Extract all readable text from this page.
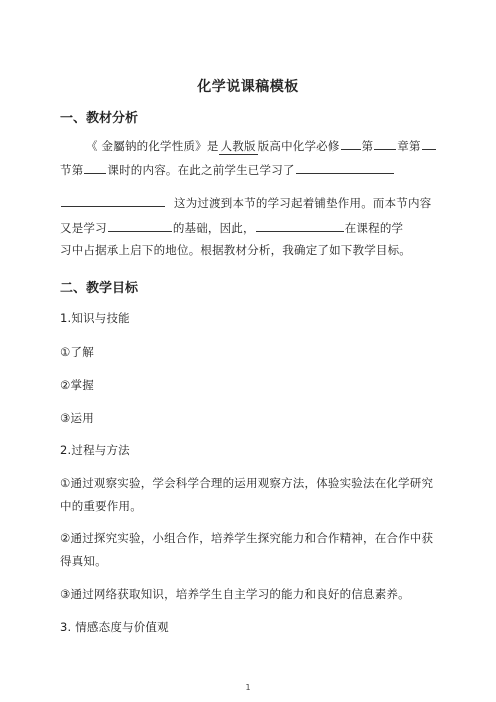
化学说课稿模板
一、教材分析
《 金屬钠的化学性质》是 人教版 版高中化学必修 第 章第
节第 课时的内容。在此之前学生已学习了
这为过渡到本节的学习起着铺垫作用。而本节内容
又是学习	的基础，因此，	在课程的学
习中占据承上启下的地位。根据教材分析，我确定了如下教学目标。
二、教学目标
1.知识与技能
①了解
②掌握
③运用
2.过程与方法
①通过观察实验，学会科学合理的运用观察方法，体验实验法在化学研究
中的重要作用。
②通过探究实验，小组合作，培养学生探究能力和合作精神，在合作中获
得真知。
③通过网络获取知识，培养学生自主学习的能力和良好的信息素养。
3. 情感态度与价值观
1
